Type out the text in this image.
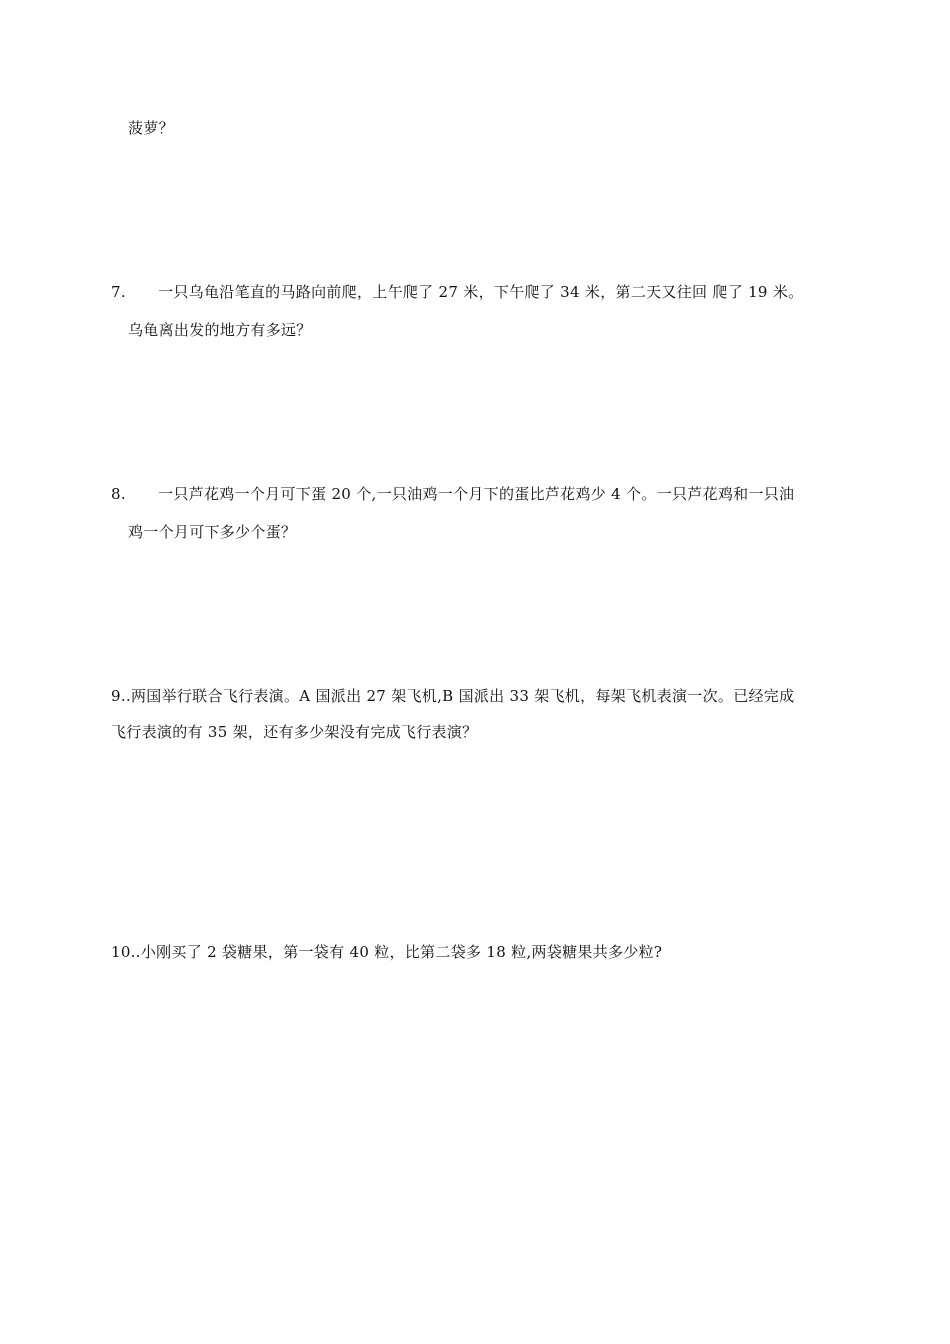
菠萝？
7. 一只乌龟沿笔直的马路向前爬，上午爬了 27 米，下午爬了 34 米，第二天又往回 爬了 19 米。
乌龟离出发的地方有多远？
8. 一只芦花鸡一个月可下蛋 20 个,一只油鸡一个月下的蛋比芦花鸡少 4 个。一只芦花鸡和一只油
鸡一个月可下多少个蛋？
9..两国举行联合飞行表演。A 国派出 27 架飞机,B 国派出 33 架飞机，每架飞机表演一次。已经完成
飞行表演的有 35 架，还有多少架没有完成飞行表演？
10..小刚买了 2 袋糖果，第一袋有 40 粒，比第二袋多 18 粒,两袋糖果共多少粒?
